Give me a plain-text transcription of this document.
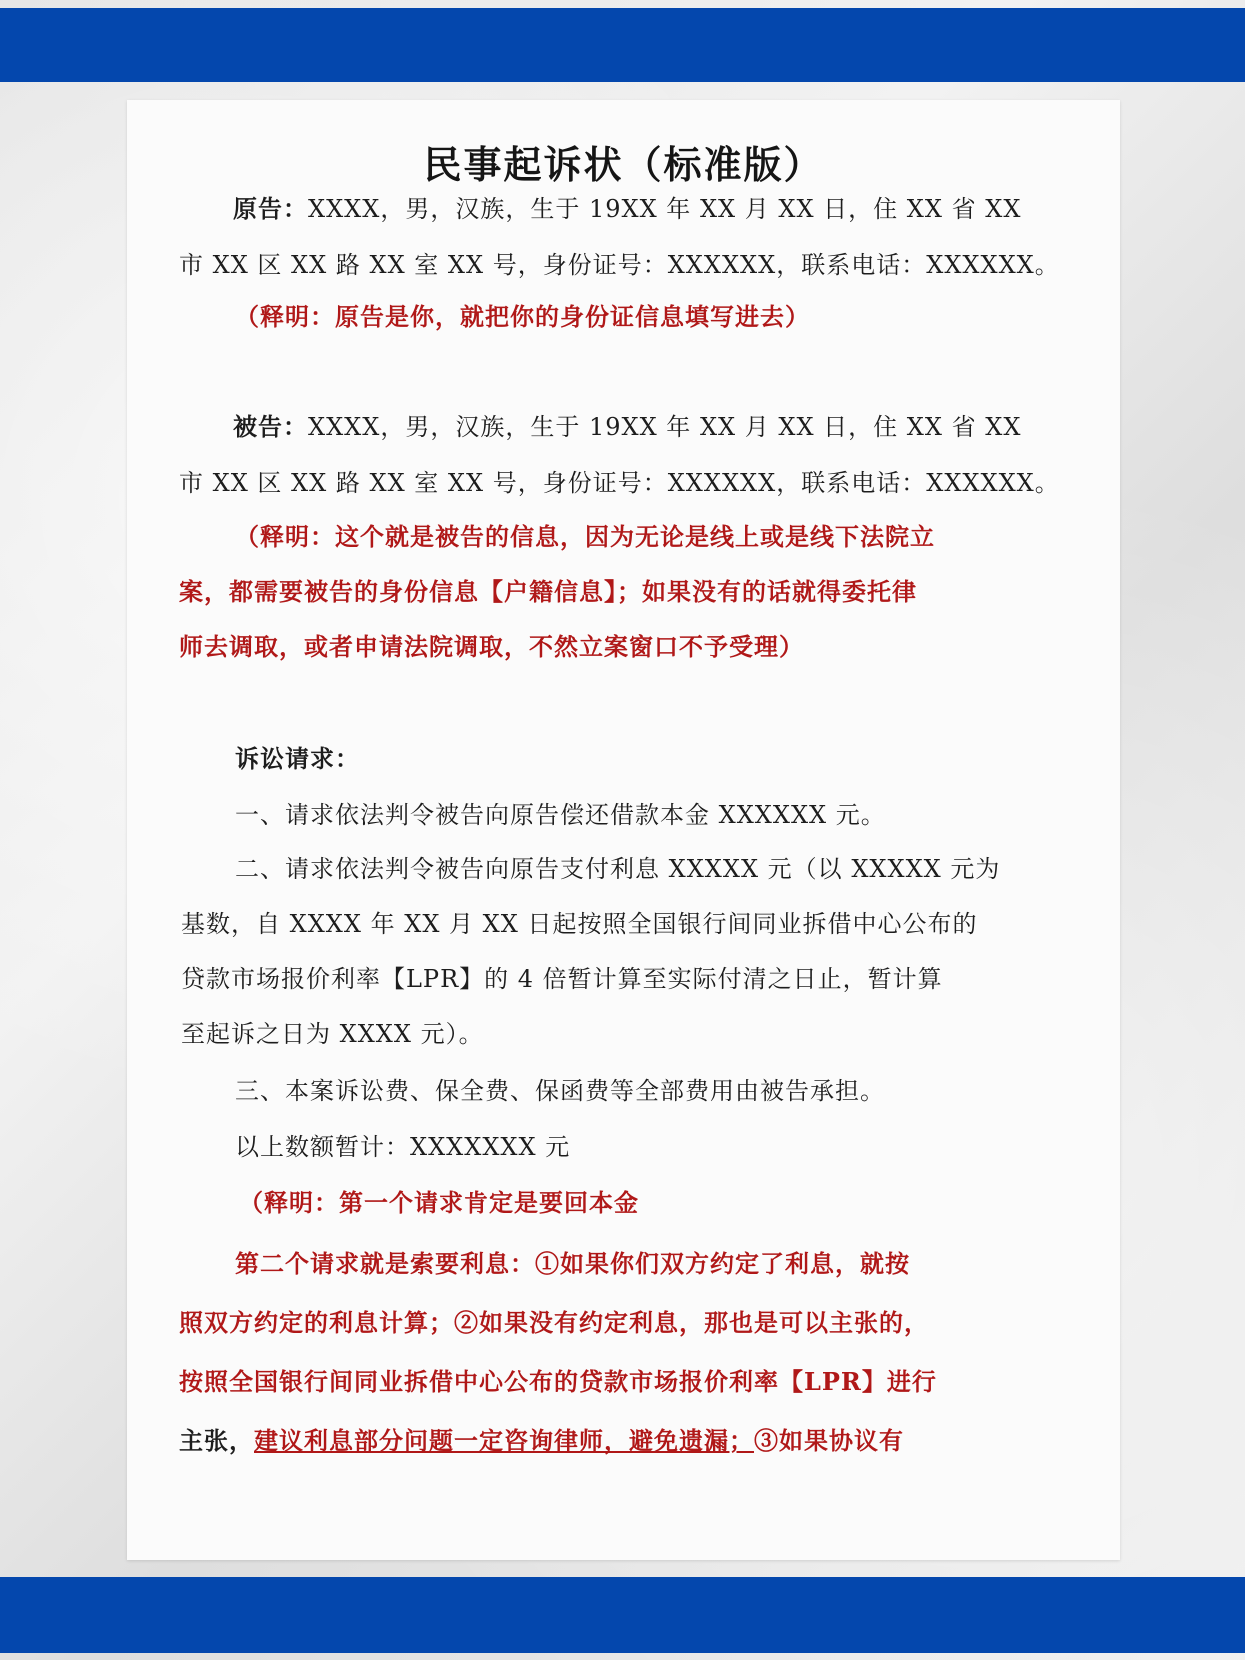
民事起诉状（标准版）
原告：XXXX，男，汉族，生于 19XX 年 XX 月 XX 日，住 XX 省 XX
市 XX 区 XX 路 XX 室 XX 号，身份证号：XXXXXX，联系电话：XXXXXX。
（释明：原告是你，就把你的身份证信息填写进去）
被告：XXXX，男，汉族，生于 19XX 年 XX 月 XX 日，住 XX 省 XX
市 XX 区 XX 路 XX 室 XX 号，身份证号：XXXXXX，联系电话：XXXXXX。
（释明：这个就是被告的信息，因为无论是线上或是线下法院立
案，都需要被告的身份信息【户籍信息】；如果没有的话就得委托律
师去调取，或者申请法院调取，不然立案窗口不予受理）
诉讼请求：
一、请求依法判令被告向原告偿还借款本金 XXXXXX 元。
二、请求依法判令被告向原告支付利息 XXXXX 元（以 XXXXX 元为
基数，自 XXXX 年 XX 月 XX 日起按照全国银行间同业拆借中心公布的
贷款市场报价利率【LPR】的 4 倍暂计算至实际付清之日止，暂计算
至起诉之日为 XXXX 元）。
三、本案诉讼费、保全费、保函费等全部费用由被告承担。
以上数额暂计：XXXXXXX 元
（释明：第一个请求肯定是要回本金
第二个请求就是索要利息：①如果你们双方约定了利息，就按
照双方约定的利息计算；②如果没有约定利息，那也是可以主张的，
按照全国银行间同业拆借中心公布的贷款市场报价利率【LPR】进行
主张，建议利息部分问题一定咨询律师，避免遗漏；③如果协议有
